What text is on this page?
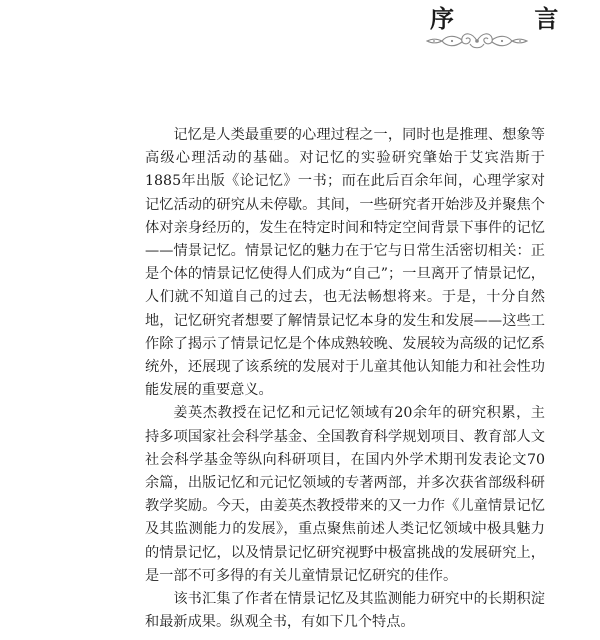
序 言

记忆是人类最重要的心理过程之一，同时也是推理、想象等高级心理活动的基础。对记忆的实验研究肇始于艾宾浩斯于1885年出版《论记忆》一书；而在此后百余年间，心理学家对记忆活动的研究从未停歇。其间，一些研究者开始涉及并聚焦个体对亲身经历的，发生在特定时间和特定空间背景下事件的记忆——情景记忆。情景记忆的魅力在于它与日常生活密切相关：正是个体的情景记忆使得人们成为“自己”；一旦离开了情景记忆，人们就不知道自己的过去，也无法畅想将来。于是，十分自然地，记忆研究者想要了解情景记忆本身的发生和发展——这些工作除了揭示了情景记忆是个体成熟较晚、发展较为高级的记忆系统外，还展现了该系统的发展对于儿童其他认知能力和社会性功能发展的重要意义。

姜英杰教授在记忆和元记忆领域有20余年的研究积累，主持多项国家社会科学基金、全国教育科学规划项目、教育部人文社会科学基金等纵向科研项目，在国内外学术期刊发表论文70余篇，出版记忆和元记忆领域的专著两部，并多次获省部级科研教学奖励。今天，由姜英杰教授带来的又一力作《儿童情景记忆及其监测能力的发展》，重点聚焦前述人类记忆领域中极具魅力的情景记忆，以及情景记忆研究视野中极富挑战的发展研究上，是一部不可多得的有关儿童情景记忆研究的佳作。

该书汇集了作者在情景记忆及其监测能力研究中的长期积淀和最新成果。纵观全书，有如下几个特点。
